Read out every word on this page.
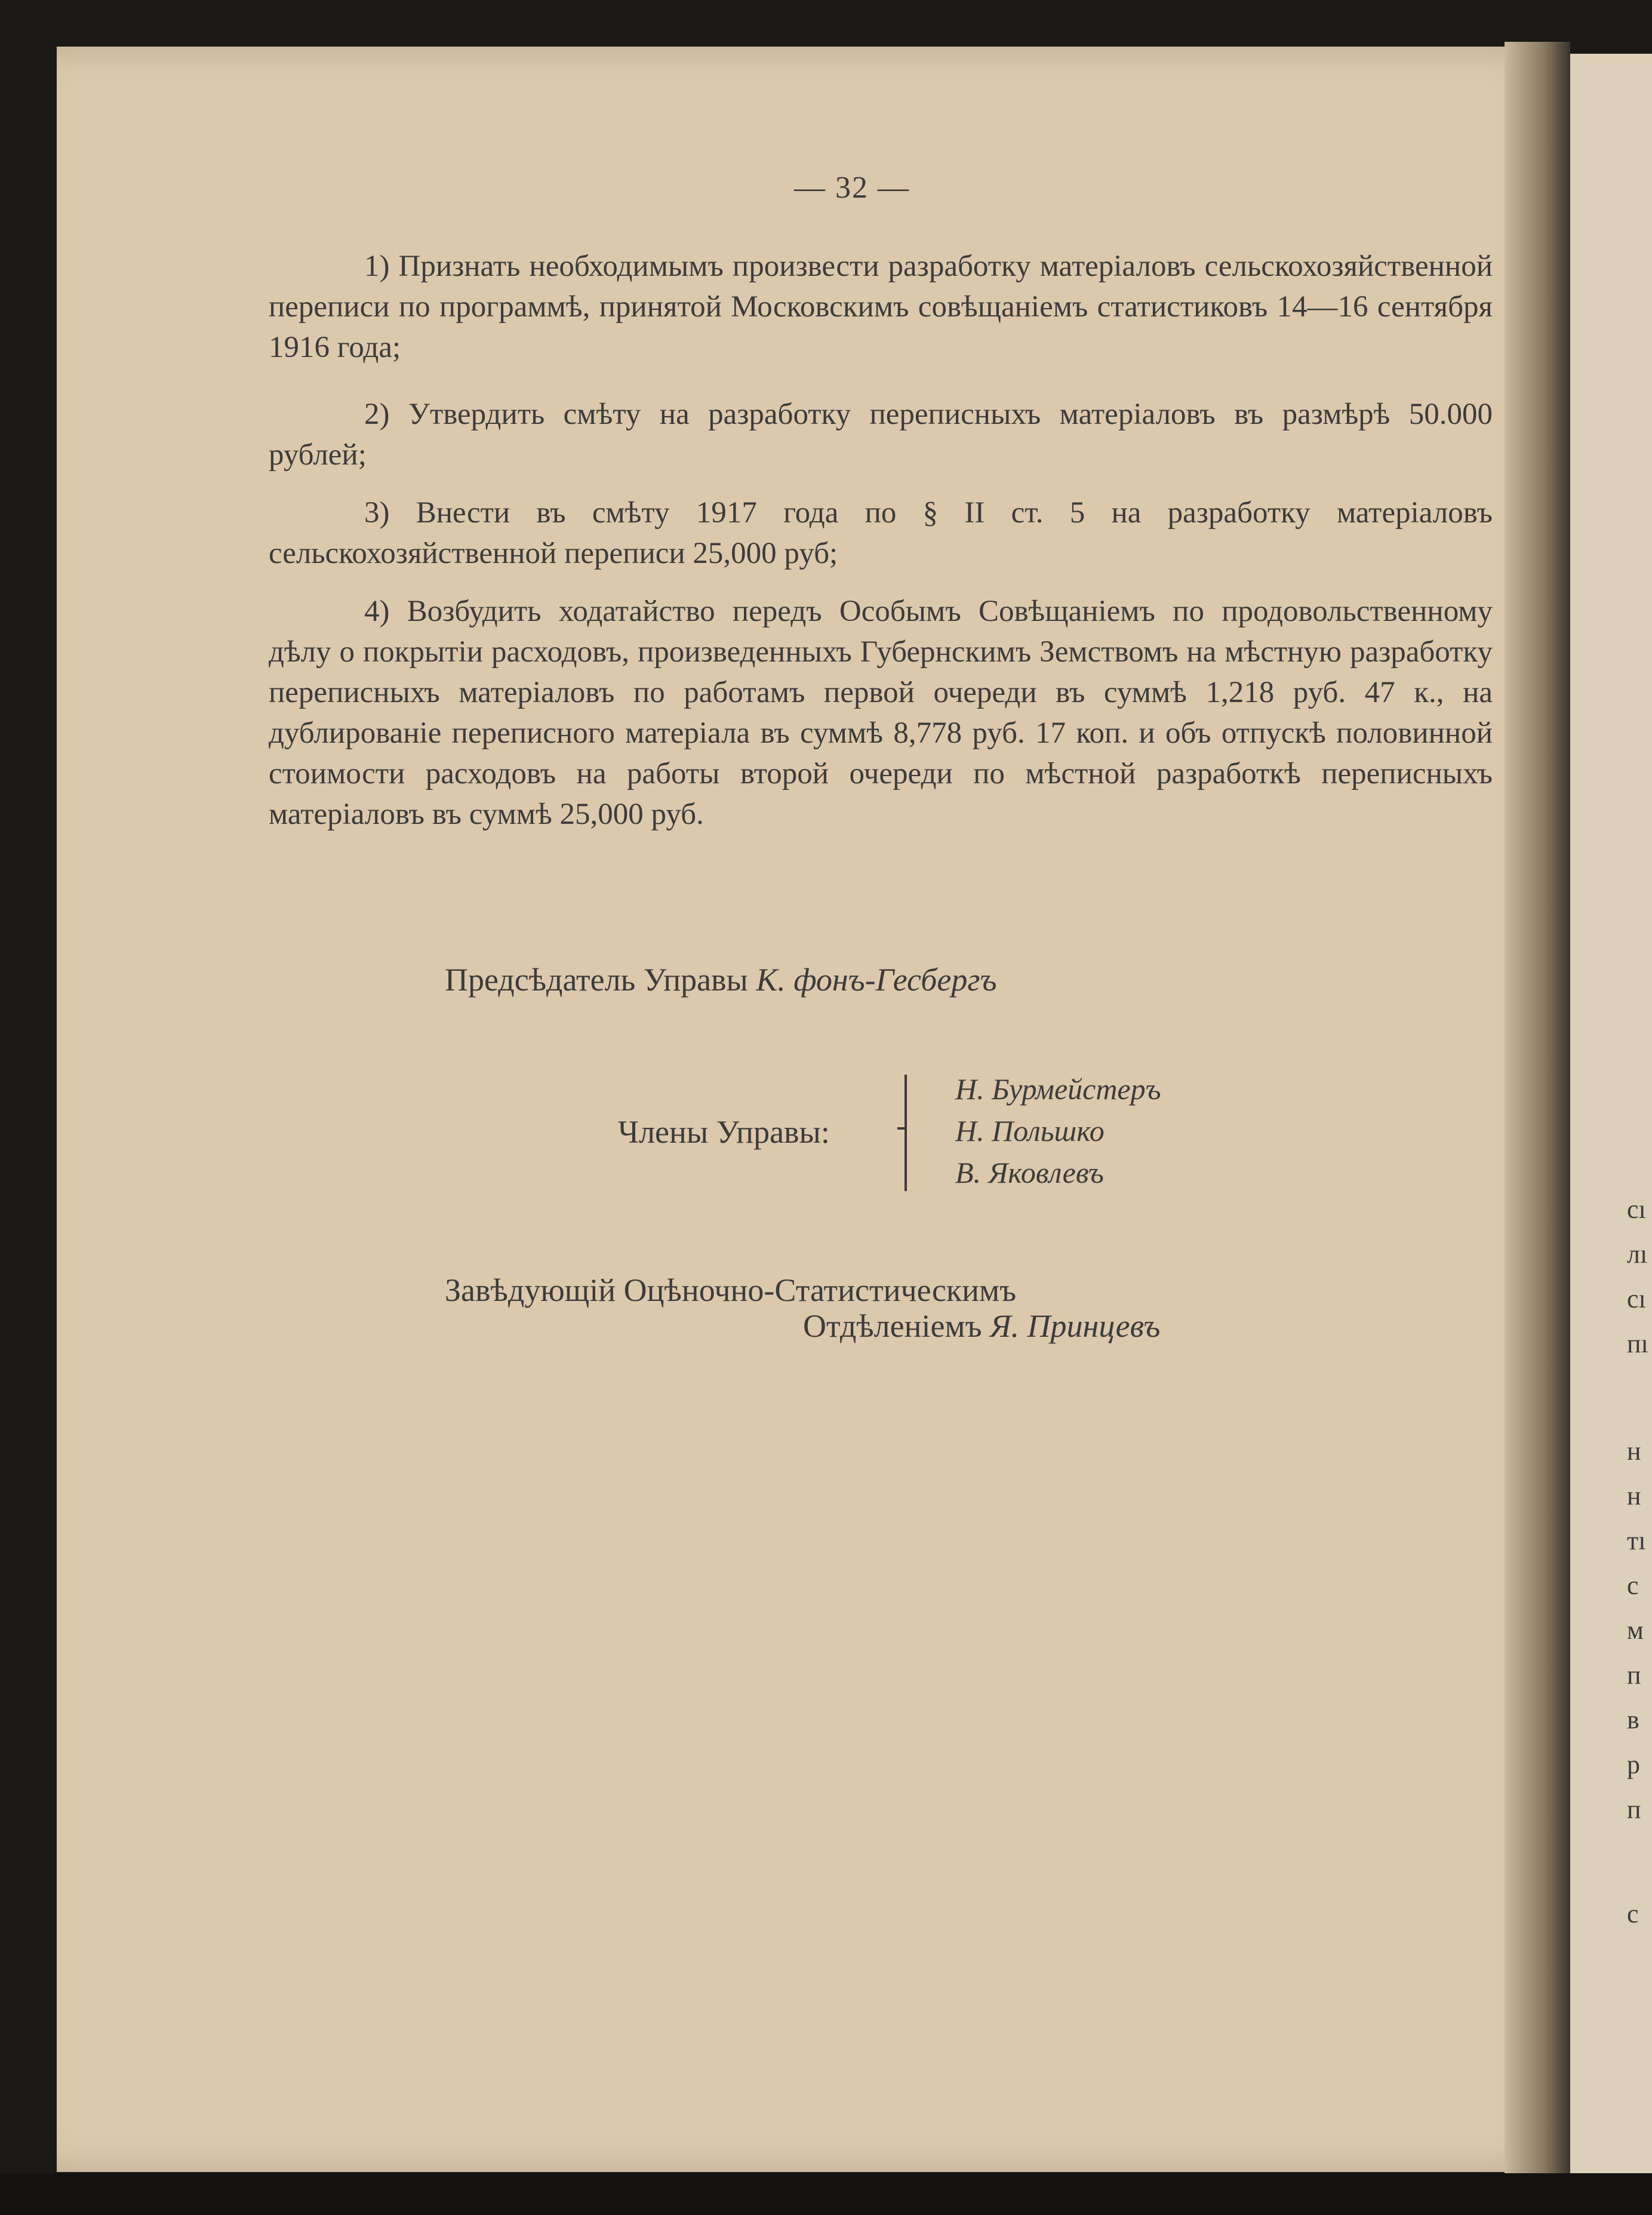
— 32 —

1) Признать необходимымъ произвести разработку матеріаловъ сельскохозяйственной переписи по программѣ, принятой Московскимъ совѣщаніемъ статистиковъ 14—16 сентября 1916 года;

2) Утвердить смѣту на разработку переписныхъ матеріаловъ въ размѣрѣ 50.000 рублей;

3) Внести въ смѣту 1917 года по § II ст. 5 на разработку матеріаловъ сельскохозяйственной переписи 25,000 руб;

4) Возбудить ходатайство передъ Особымъ Совѣщаніемъ по продовольственному дѣлу о покрытіи расходовъ, произведенныхъ Губернскимъ Земствомъ на мѣстную разработку переписныхъ матеріаловъ по работамъ первой очереди въ суммѣ 1,218 руб. 47 к., на дублированіе переписного матеріала въ суммѣ 8,778 руб. 17 коп. и объ отпускѣ половинной стоимости расходовъ на работы второй очереди по мѣстной разработкѣ переписныхъ матеріаловъ въ суммѣ 25,000 руб.

Предсѣдатель Управы К. фонъ-Гесбергъ
Члены Управы:
Н. Бурмейстеръ
Н. Польшко
В. Яковлевъ
Завѣдующій Оцѣночно-Статистическимъ
Отдѣленіемъ Я. Принцевъ
сı
лı
сı
пı
н
н
тı
с
м
п
в
р
п
с
